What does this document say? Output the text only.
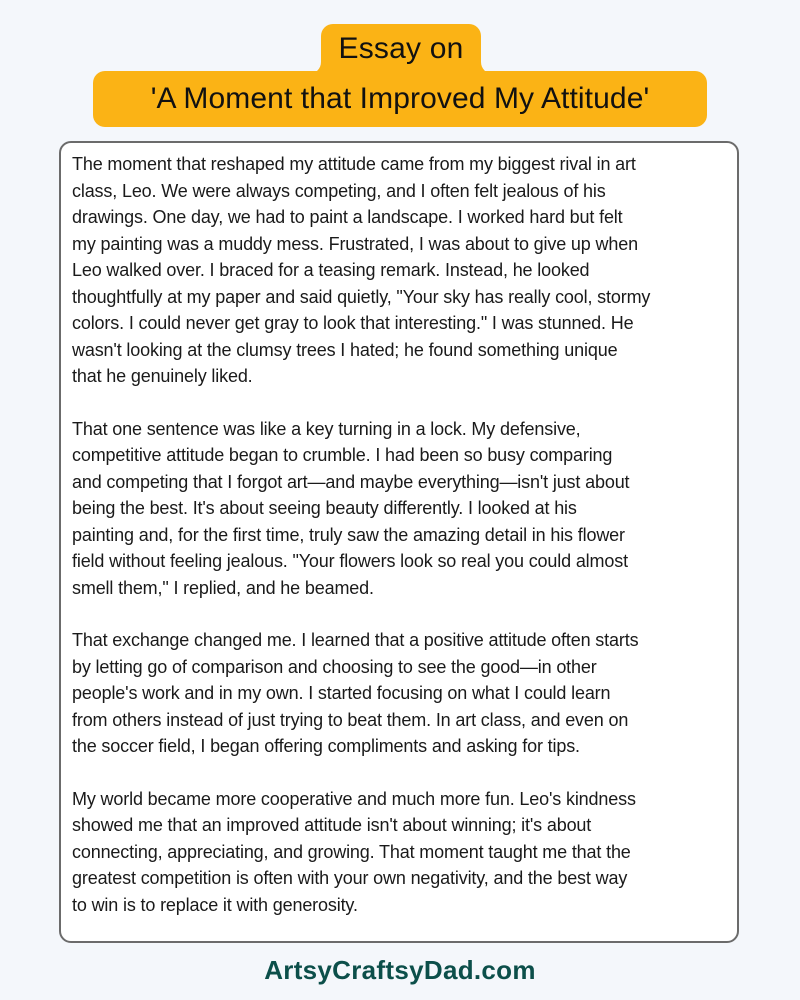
Essay on
'A Moment that Improved My Attitude'

The moment that reshaped my attitude came from my biggest rival in art
class, Leo. We were always competing, and I often felt jealous of his
drawings. One day, we had to paint a landscape. I worked hard but felt
my painting was a muddy mess. Frustrated, I was about to give up when
Leo walked over. I braced for a teasing remark. Instead, he looked
thoughtfully at my paper and said quietly, "Your sky has really cool, stormy
colors. I could never get gray to look that interesting." I was stunned. He
wasn't looking at the clumsy trees I hated; he found something unique
that he genuinely liked.

That one sentence was like a key turning in a lock. My defensive,
competitive attitude began to crumble. I had been so busy comparing
and competing that I forgot art—and maybe everything—isn't just about
being the best. It's about seeing beauty differently. I looked at his
painting and, for the first time, truly saw the amazing detail in his flower
field without feeling jealous. "Your flowers look so real you could almost
smell them," I replied, and he beamed.

That exchange changed me. I learned that a positive attitude often starts
by letting go of comparison and choosing to see the good—in other
people's work and in my own. I started focusing on what I could learn
from others instead of just trying to beat them. In art class, and even on
the soccer field, I began offering compliments and asking for tips.

My world became more cooperative and much more fun. Leo's kindness
showed me that an improved attitude isn't about winning; it's about
connecting, appreciating, and growing. That moment taught me that the
greatest competition is often with your own negativity, and the best way
to win is to replace it with generosity.

ArtsyCraftsyDad.com
